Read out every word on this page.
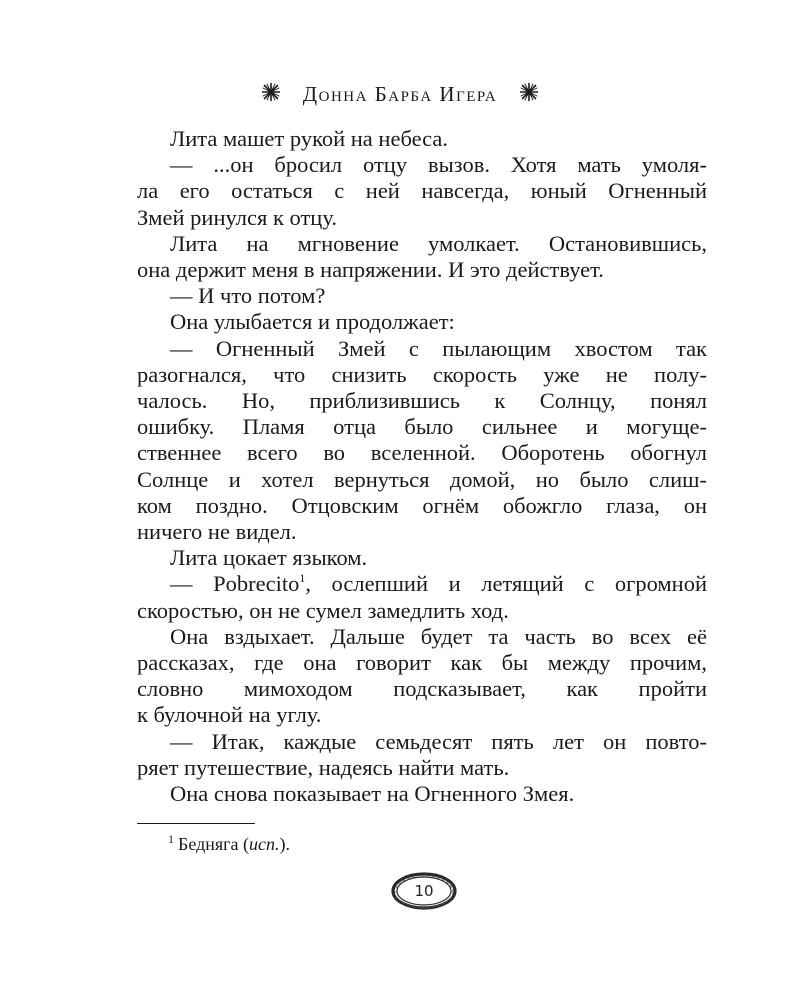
Донна Барба Игера
Лита машет рукой на небеса.
— ...он бросил отцу вызов. Хотя мать умоля-
ла его остаться с ней навсегда, юный Огненный
Змей ринулся к отцу.
Лита на мгновение умолкает. Остановившись,
она держит меня в напряжении. И это действует.
— И что потом?
Она улыбается и продолжает:
— Огненный Змей с пылающим хвостом так
разогнался, что снизить скорость уже не полу-
чалось. Но, приблизившись к Солнцу, понял
ошибку. Пламя отца было сильнее и могуще-
ственнее всего во вселенной. Оборотень обогнул
Солнце и хотел вернуться домой, но было слиш-
ком поздно. Отцовским огнём обожгло глаза, он
ничего не видел.
Лита цокает языком.
— Pobrecito$^1$, ослепший и летящий с огромной
скоростью, он не сумел замедлить ход.
Она вздыхает. Дальше будет та часть во всех её
рассказах, где она говорит как бы между прочим,
словно мимоходом подсказывает, как пройти
к булочной на углу.
— Итак, каждые семьдесят пять лет он повто-
ряет путешествие, надеясь найти мать.
Она снова показывает на Огненного Змея.
$^1$ Бедняга (исп.).
10
